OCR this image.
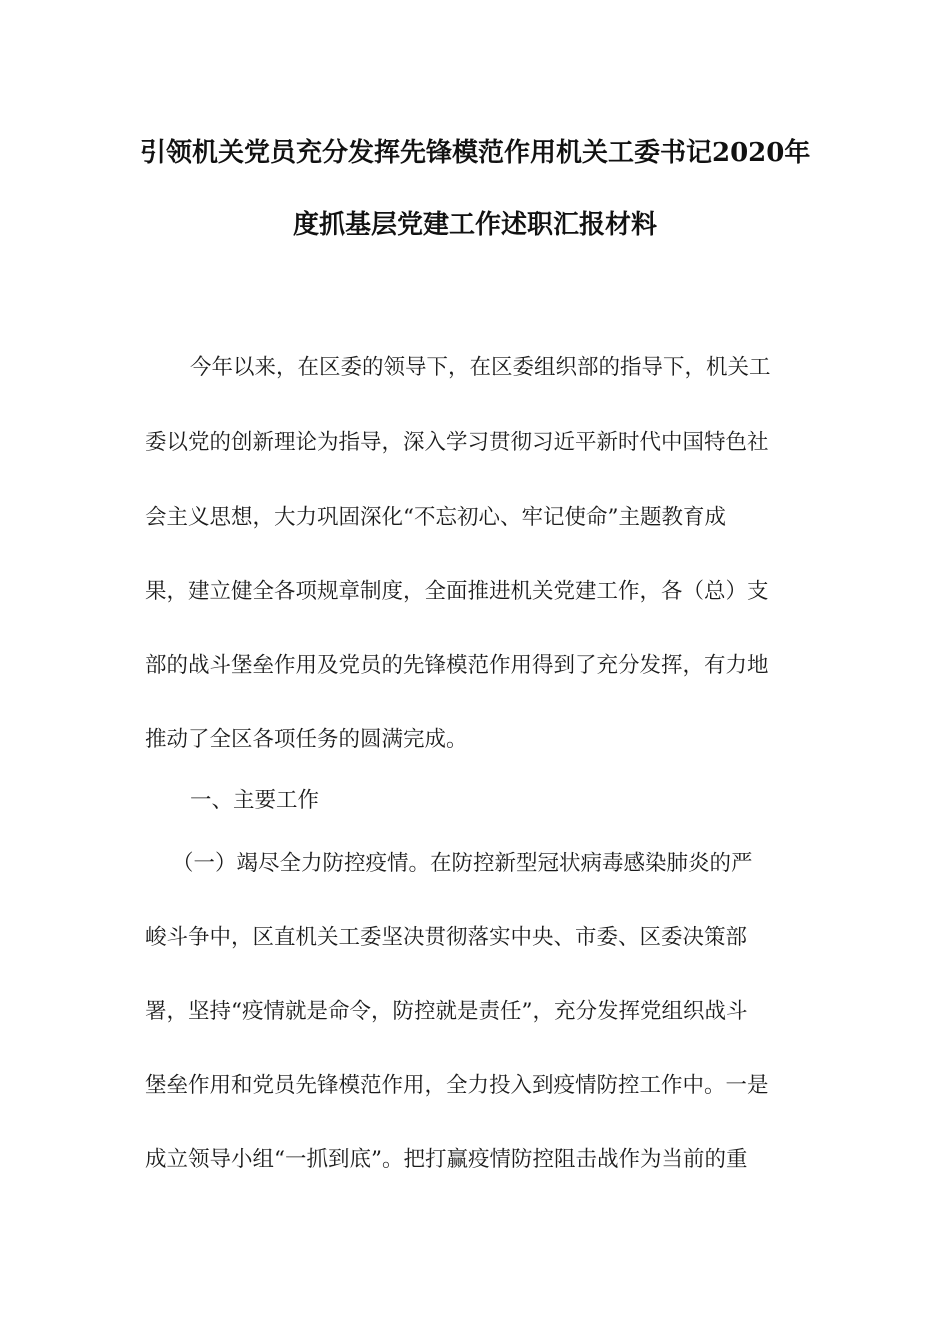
引领机关党员充分发挥先锋模范作用机关工委书记2020年
度抓基层党建工作述职汇报材料
今年以来，在区委的领导下，在区委组织部的指导下，机关工
委以党的创新理论为指导，深入学习贯彻习近平新时代中国特色社
会主义思想，大力巩固深化“不忘初心、牢记使命”主题教育成
果，建立健全各项规章制度，全面推进机关党建工作，各（总）支
部的战斗堡垒作用及党员的先锋模范作用得到了充分发挥，有力地
推动了全区各项任务的圆满完成。
一、主要工作
（一）竭尽全力防控疫情。在防控新型冠状病毒感染肺炎的严
峻斗争中，区直机关工委坚决贯彻落实中央、市委、区委决策部
署，坚持“疫情就是命令，防控就是责任”，充分发挥党组织战斗
堡垒作用和党员先锋模范作用，全力投入到疫情防控工作中。一是
成立领导小组“一抓到底”。把打赢疫情防控阻击战作为当前的重
